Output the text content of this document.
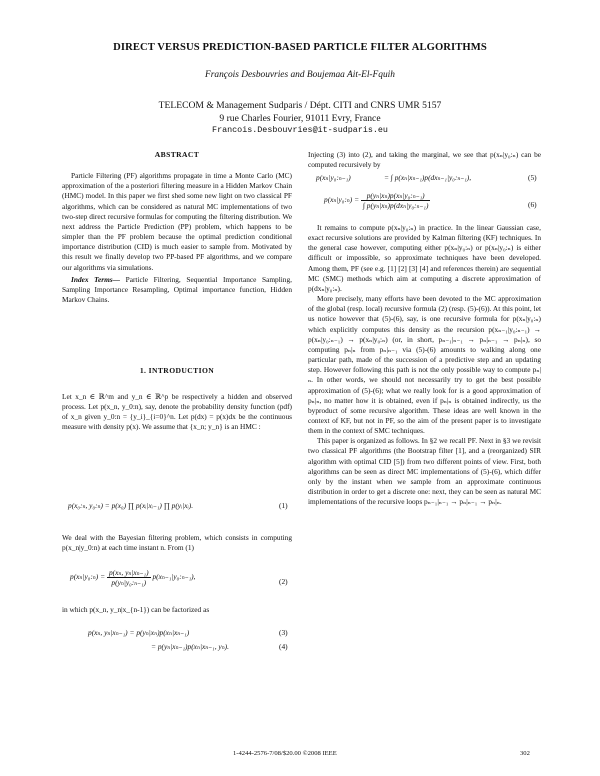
DIRECT VERSUS PREDICTION-BASED PARTICLE FILTER ALGORITHMS
François Desbouvries and Boujemaa Ait-El-Fquih
TELECOM & Management Sudparis / Dépt. CITI and CNRS UMR 5157
9 rue Charles Fourier, 91011 Evry, France
Francois.Desbouvries@it-sudparis.eu
ABSTRACT

Particle Filtering (PF) algorithms propagate in time a Monte Carlo (MC) approximation of the a posteriori filtering measure in a Hidden Markov Chain (HMC) model. In this paper we first shed some new light on two classical PF algorithms, which can be considered as natural MC implementations of two two-step direct recursive formulas for computing the filtering distribution. We next address the Particle Prediction (PP) problem, which happens to be simpler than the PF problem because the optimal prediction conditional importance distribution (CID) is much easier to sample from. Motivated by this result we finally develop two PP-based PF algorithms, and we compare our algorithms via simulations.

Index Terms— Particle Filtering, Sequential Importance Sampling, Sampling Importance Resampling, Optimal importance function, Hidden Markov Chains.

1. INTRODUCTION

Let x_n ∈ ℝ^m and y_n ∈ ℝ^p be respectively a hidden and observed process. Let p(x_n, y_0:n), say, denote the probability density function (pdf) of x_n given y_0:n = {y_i}_{i=0}^n. Let p(dx) = p(x)dx be the continuous measure with density p(x). We assume that {x_n; y_n} is an HMC :

p(x₀:ₙ, y₀:ₙ) = p(x₀) ∏ p(xᵢ|xᵢ₋₁) ∏ p(yᵢ|xᵢ).	(1)

We deal with the Bayesian filtering problem, which consists in computing p(x_n|y_0:n) at each time instant n. From (1)

p(xₙ|y₀:ₙ) = $\frac{\text{p(xₙ, yₙ|xₙ₋₁)}}{\text{p(yₙ|y₀:ₙ₋₁)}}$ p(xₙ₋₁|y₀:ₙ₋₁),
(2)

in which p(x_n, y_n|x_{n-1}) can be factorized as

p(xₙ, yₙ|xₙ₋₁) = p(yₙ|xₙ)p(xₙ|xₙ₋₁)	(3)
= p(yₙ|xₙ₋₁)p(xₙ|xₙ₋₁, yₙ).	(4)

Injecting (3) into (2), and taking the marginal, we see that p(xₙ|y₀:ₙ) can be computed recursively by

p(xₙ|y₀:ₙ₋₁)	= ∫ p(xₙ|xₙ₋₁)p(dxₙ₋₁|y₀:ₙ₋₁),	(5)
p(xₙ|y₀:ₙ) = $\frac{\text{p(yₙ|xₙ)p(xₙ|y₀:ₙ₋₁)}}{\text{∫ p(yₙ|xₙ)p(dxₙ|y₀:ₙ₋₁)}}$	(6)

It remains to compute p(xₙ|y₀:ₙ) in practice. In the linear Gaussian case, exact recursive solutions are provided by Kalman filtering (KF) techniques. In the general case however, computing either p(xₙ|y₀:ₙ) or p(xₙ|y₀:ₙ) is either difficult or impossible, so approximate techniques have been developed. Among them, PF (see e.g. [1] [2] [3] [4] and references therein) are sequential MC (SMC) methods which aim at computing a discrete approximation of p(dxₙ|y₀:ₙ).

More precisely, many efforts have been devoted to the MC approximation of the global (resp. local) recursive formula (2) (resp. (5)-(6)). At this point, let us notice however that (5)-(6), say, is one recursive formula for p(xₙ|y₀:ₙ) which explicitly computes this density as the recursion p(xₙ₋₁|y₀:ₙ₋₁) → p(xₙ|y₀:ₙ₋₁) → p(xₙ|y₀:ₙ) (or, in short, pₙ₋₁|ₙ₋₁ → pₙ|ₙ₋₁ → pₙ|ₙ), so computing pₙ|ₙ from pₙ|ₙ₋₁ via (5)-(6) amounts to walking along one particular path, made of the succession of a predictive step and an updating step. However following this path is not the only possible way to compute pₙ|ₙ. In other words, we should not necessarily try to get the best possible approximation of (5)-(6); what we really look for is a good approximation of pₙ|ₙ, no matter how it is obtained, even if pₙ|ₙ is obtained indirectly, us the byproduct of some recursive algorithm. These ideas are well known in the context of KF, but not in PF, so the aim of the present paper is to investigate them in the context of SMC techniques.

This paper is organized as follows. In §2 we recall PF. Next in §3 we revisit two classical PF algorithms (the Bootstrap filter [1], and a (reorganized) SIR algorithm with optimal CID [5]) from two different points of view. First, both algorithms can be seen as direct MC implementations of (5)-(6), which differ only by the instant when we sample from an approximate continuous distribution in order to get a discrete one: next, they can be seen as natural MC implementations of the recursive loops pₙ₋₁|ₙ₋₁ → pₙ|ₙ₋₁ → pₙ|ₙ.

1-4244-2576-7/08/$20.00 ©2008 IEEE	302
